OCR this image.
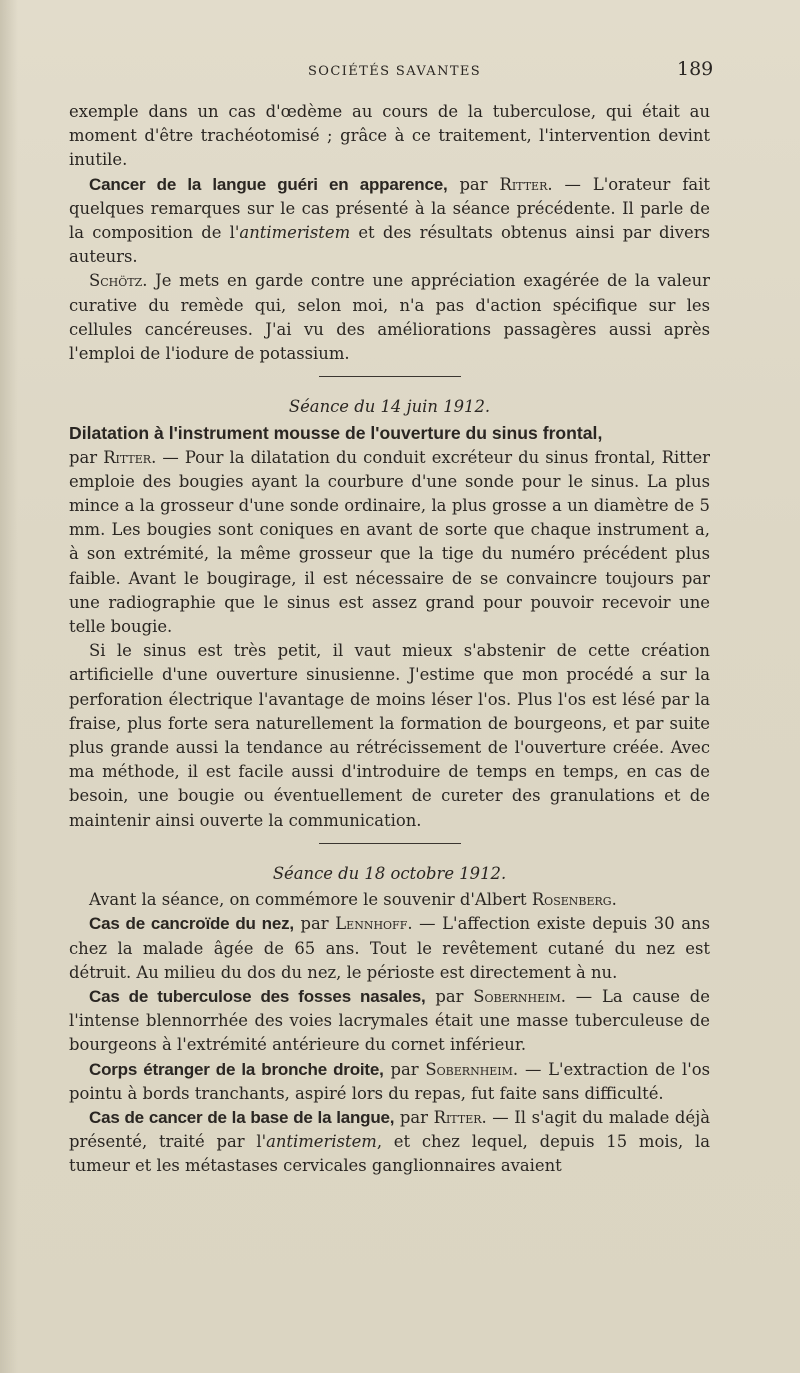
SOCIÉTÉS SAVANTES	189

exemple dans un cas d'œdème au cours de la tuberculose, qui était au moment d'être trachéotomisé ; grâce à ce traitement, l'intervention devint inutile.

Cancer de la langue guéri en apparence, par Ritter. — L'orateur fait quelques remarques sur le cas présenté à la séance précédente. Il parle de la composition de l'antimeristem et des résultats obtenus ainsi par divers auteurs.

Schötz. Je mets en garde contre une appréciation exagérée de la valeur curative du remède qui, selon moi, n'a pas d'action spécifique sur les cellules cancéreuses. J'ai vu des améliorations passagères aussi après l'emploi de l'iodure de potassium.

Séance du 14 juin 1912.

Dilatation à l'instrument mousse de l'ouverture du sinus frontal,

par Ritter. — Pour la dilatation du conduit excréteur du sinus frontal, Ritter emploie des bougies ayant la courbure d'une sonde pour le sinus. La plus mince a la grosseur d'une sonde ordinaire, la plus grosse a un diamètre de 5 mm. Les bougies sont coniques en avant de sorte que chaque instrument a, à son extrémité, la même grosseur que la tige du numéro précédent plus faible. Avant le bougirage, il est nécessaire de se convaincre toujours par une radiographie que le sinus est assez grand pour pouvoir recevoir une telle bougie.

Si le sinus est très petit, il vaut mieux s'abstenir de cette création artificielle d'une ouverture sinusienne. J'estime que mon procédé a sur la perforation électrique l'avantage de moins léser l'os. Plus l'os est lésé par la fraise, plus forte sera naturellement la formation de bourgeons, et par suite plus grande aussi la tendance au rétrécissement de l'ouverture créée. Avec ma méthode, il est facile aussi d'introduire de temps en temps, en cas de besoin, une bougie ou éventuellement de cureter des granulations et de maintenir ainsi ouverte la communication.

Séance du 18 octobre 1912.

Avant la séance, on commémore le souvenir d'Albert Rosenberg.

Cas de cancroïde du nez, par Lennhoff. — L'affection existe depuis 30 ans chez la malade âgée de 65 ans. Tout le revêtement cutané du nez est détruit. Au milieu du dos du nez, le périoste est directement à nu.

Cas de tuberculose des fosses nasales, par Sobernheim. — La cause de l'intense blennorrhée des voies lacrymales était une masse tuberculeuse de bourgeons à l'extrémité antérieure du cornet inférieur.

Corps étranger de la bronche droite, par Sobernheim. — L'extraction de l'os pointu à bords tranchants, aspiré lors du repas, fut faite sans difficulté.

Cas de cancer de la base de la langue, par Ritter. — Il s'agit du malade déjà présenté, traité par l'antimeristem, et chez lequel, depuis 15 mois, la tumeur et les métastases cervicales ganglionnaires avaient
